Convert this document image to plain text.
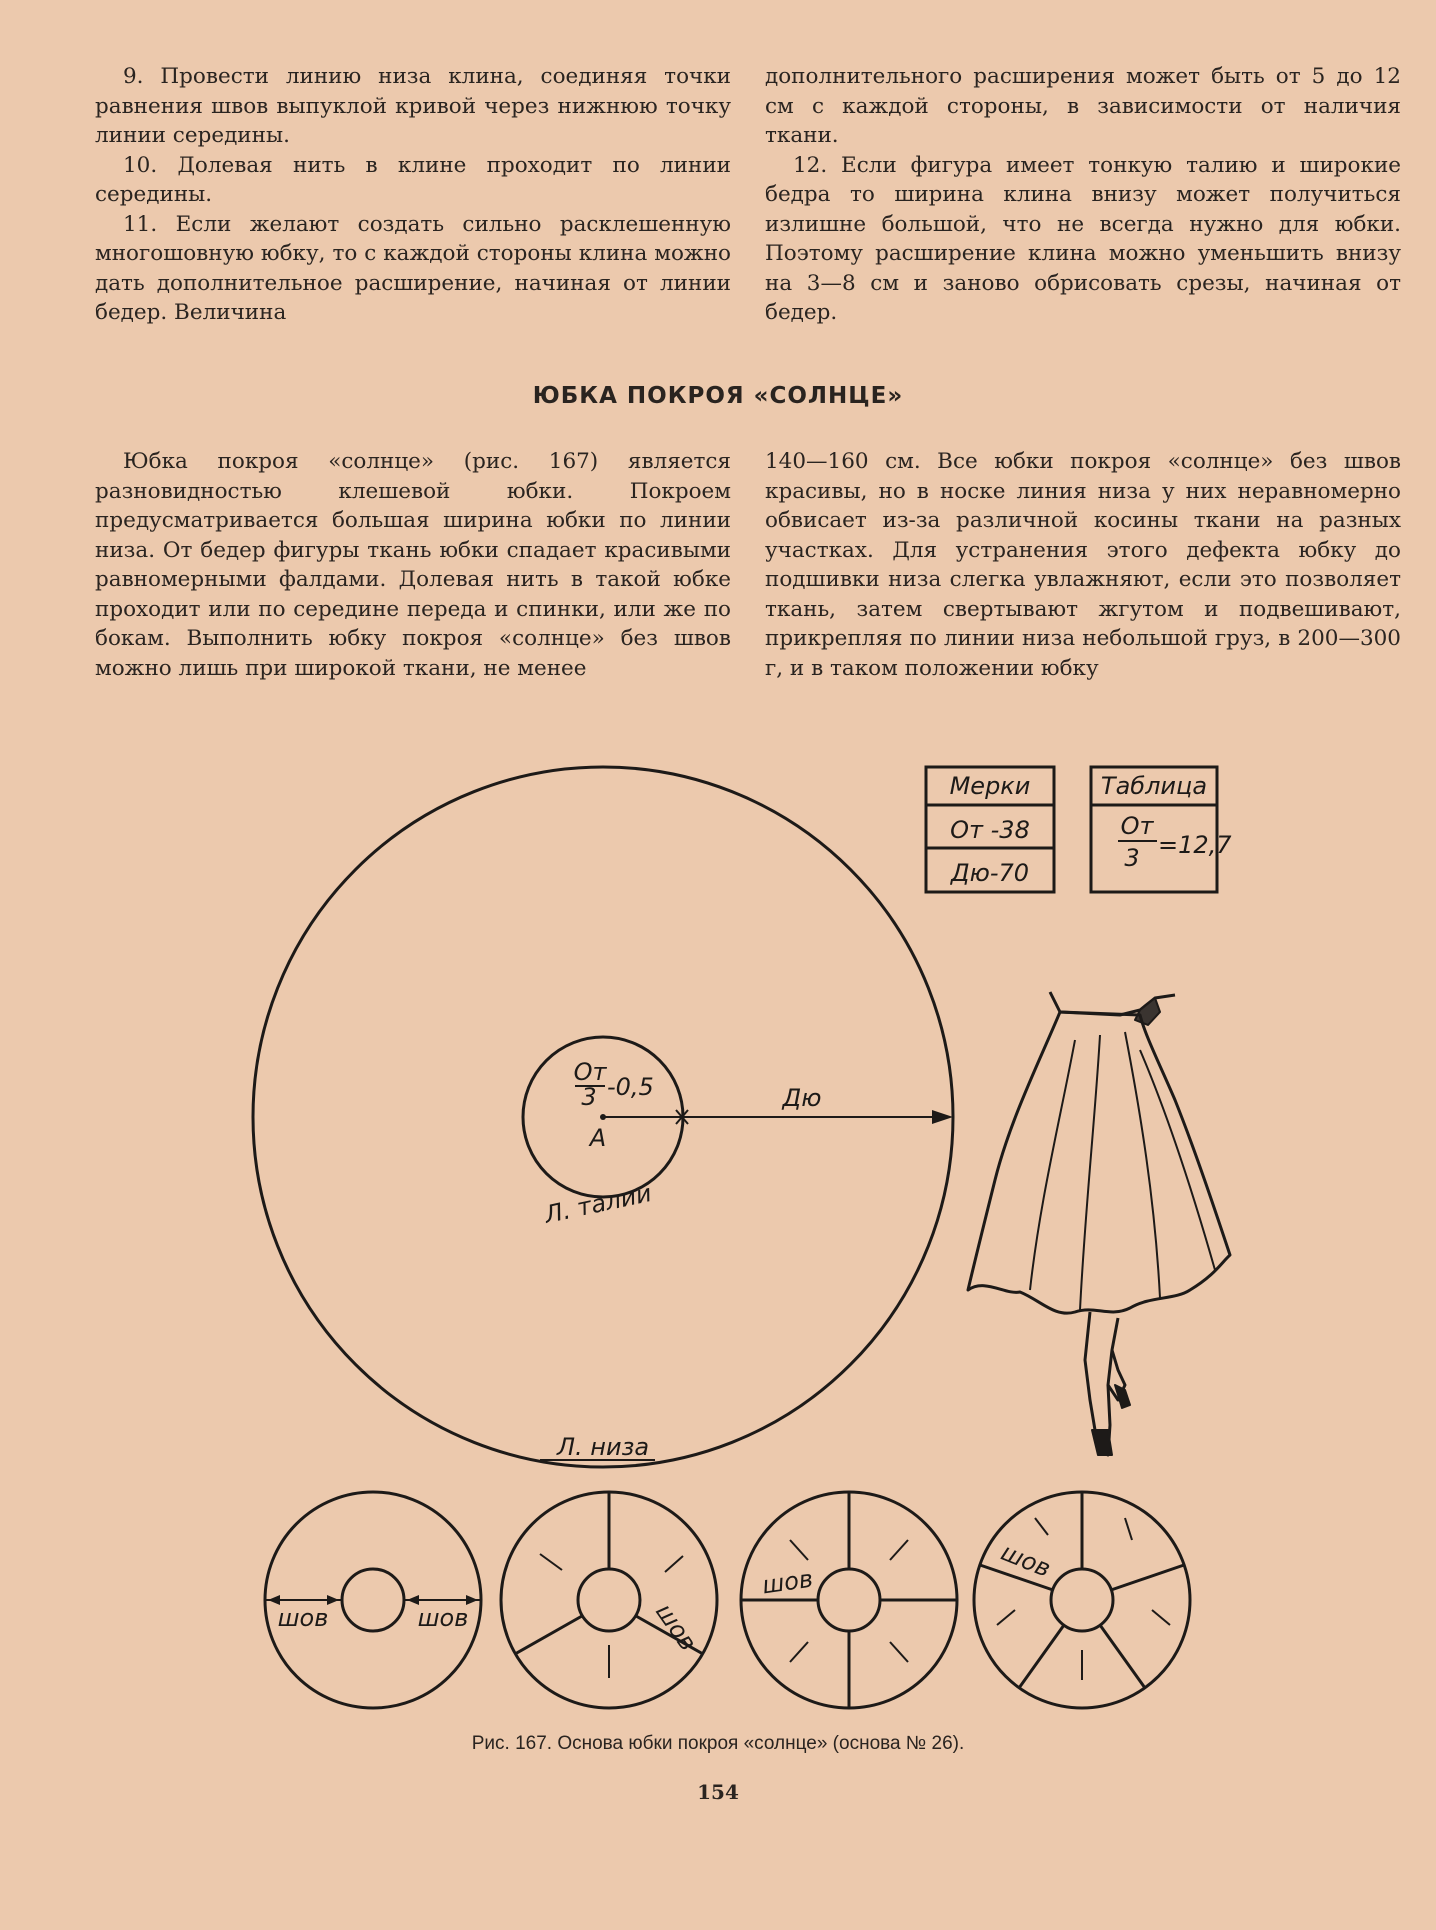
9. Провести линию низа клина, соединяя точки равнения швов выпуклой кривой через нижнюю точку линии середины.

10. Долевая нить в клине проходит по линии середины.

11. Если желают создать сильно расклешенную многошовную юбку, то с каждой стороны клина можно дать дополнительное расширение, начиная от линии бедер. Величина

дополнительного расширения может быть от 5 до 12 см с каждой стороны, в зависимости от наличия ткани.

12. Если фигура имеет тонкую талию и широкие бедра то ширина клина внизу может получиться излишне большой, что не всегда нужно для юбки. Поэтому расширение клина можно уменьшить внизу на 3—8 см и заново обрисовать срезы, начиная от бедер.

ЮБКА ПОКРОЯ «СОЛНЦЕ»

Юбка покроя «солнце» (рис. 167) является разновидностью клешевой юбки. Покроем предусматривается большая ширина юбки по линии низа. От бедер фигуры ткань юбки спадает красивыми равномерными фалдами. Долевая нить в такой юбке проходит или по середине переда и спинки, или же по бокам. Выполнить юбку покроя «солнце» без швов можно лишь при широкой ткани, не менее

140—160 см. Все юбки покроя «солнце» без швов красивы, но в носке линия низа у них неравномерно обвисает из-за различной косины ткани на разных участках. Для устранения этого дефекта юбку до подшивки низа слегка увлажняют, если это позволяет ткань, затем свертывают жгутом и подвешивают, прикрепляя по линии низа небольшой груз, в 200—300 г, и в таком положении юбку

Мерки
От -38
Дю-70
Таблица
От
3 =12,7
От
3 -0,5
А
Дю
Л. талии
Л. низа
шов	шов	шов
шов	шов
Рис. 167. Основа юбки покроя «солнце» (основа № 26).
154
